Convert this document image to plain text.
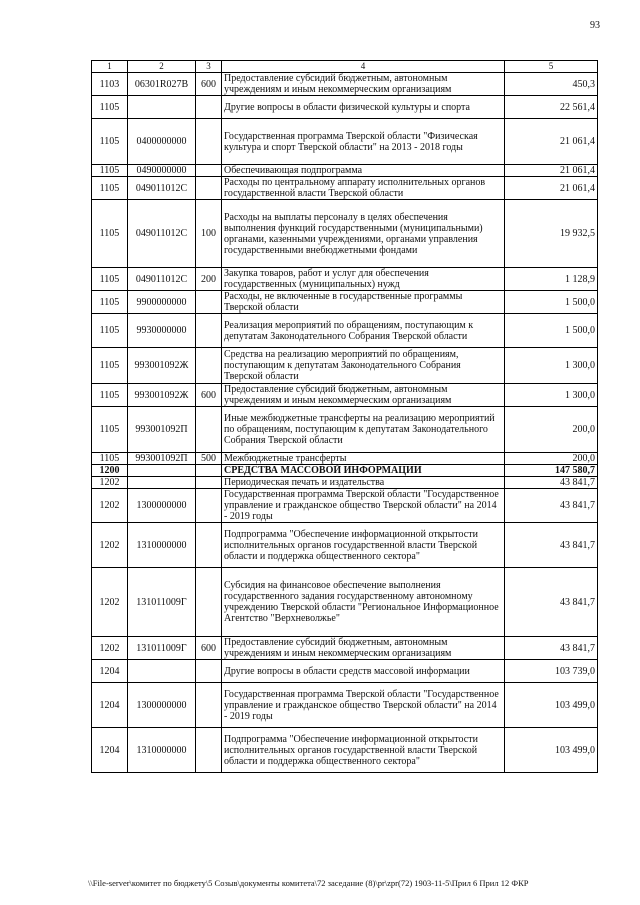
93
1	2	3	4	5
1103	06301R027B	600	Предоставление субсидий бюджетным, автономным учреждениям и иным некоммерческим организациям	450,3
1105			Другие вопросы в области физической культуры и спорта	22 561,4
1105	0400000000		Государственная программа Тверской области "Физическая культура и спорт Тверской области" на 2013 - 2018 годы	21 061,4
1105	0490000000		Обеспечивающая подпрограмма	21 061,4
1105	049011012С		Расходы по центральному аппарату исполнительных органов государственной власти Тверской области	21 061,4
1105	049011012С	100	Расходы на выплаты персоналу в целях обеспечения выполнения функций государственными (муниципальными) органами, казенными учреждениями, органами управления государственными внебюджетными фондами	19 932,5
1105	049011012С	200	Закупка товаров, работ и услуг для обеспечения государственных (муниципальных) нужд	1 128,9
1105	9900000000		Расходы, не включенные в государственные программы Тверской области	1 500,0
1105	9930000000		Реализация мероприятий по обращениям, поступающим к депутатам Законодательного Собрания Тверской области	1 500,0
1105	993001092Ж		Средства на реализацию мероприятий по обращениям, поступающим к депутатам Законодательного Собрания Тверской области	1 300,0
1105	993001092Ж	600	Предоставление субсидий бюджетным, автономным учреждениям и иным некоммерческим организациям	1 300,0
1105	993001092П		Иные межбюджетные трансферты на реализацию мероприятий по обращениям, поступающим к депутатам Законодательного Собрания Тверской области	200,0
1105	993001092П	500	Межбюджетные трансферты	200,0
1200			СРЕДСТВА МАССОВОЙ ИНФОРМАЦИИ	147 580,7
1202			Периодическая печать и издательства	43 841,7
1202	1300000000		Государственная программа Тверской области "Государственное управление и гражданское общество Тверской области" на 2014 - 2019 годы	43 841,7
1202	1310000000		Подпрограмма "Обеспечение информационной открытости исполнительных органов государственной власти Тверской области и поддержка общественного сектора"	43 841,7
1202	131011009Г		Субсидия на финансовое обеспечение выполнения государственного задания государственному автономному учреждению Тверской области "Региональное Информационное Агентство "Верхневолжье"	43 841,7
1202	131011009Г	600	Предоставление субсидий бюджетным, автономным учреждениям и иным некоммерческим организациям	43 841,7
1204			Другие вопросы в области средств массовой информации	103 739,0
1204	1300000000		Государственная программа Тверской области "Государственное управление и гражданское общество Тверской области" на 2014 - 2019 годы	103 499,0
1204	1310000000		Подпрограмма "Обеспечение информационной открытости исполнительных органов государственной власти Тверской области и поддержка общественного сектора"	103 499,0
\\File-server\комитет по бюджету\5 Созыв\документы комитета\72 заседание (8)\pr\zpr(72) 1903-11-5\Прил 6 Прил 12 ФКР
